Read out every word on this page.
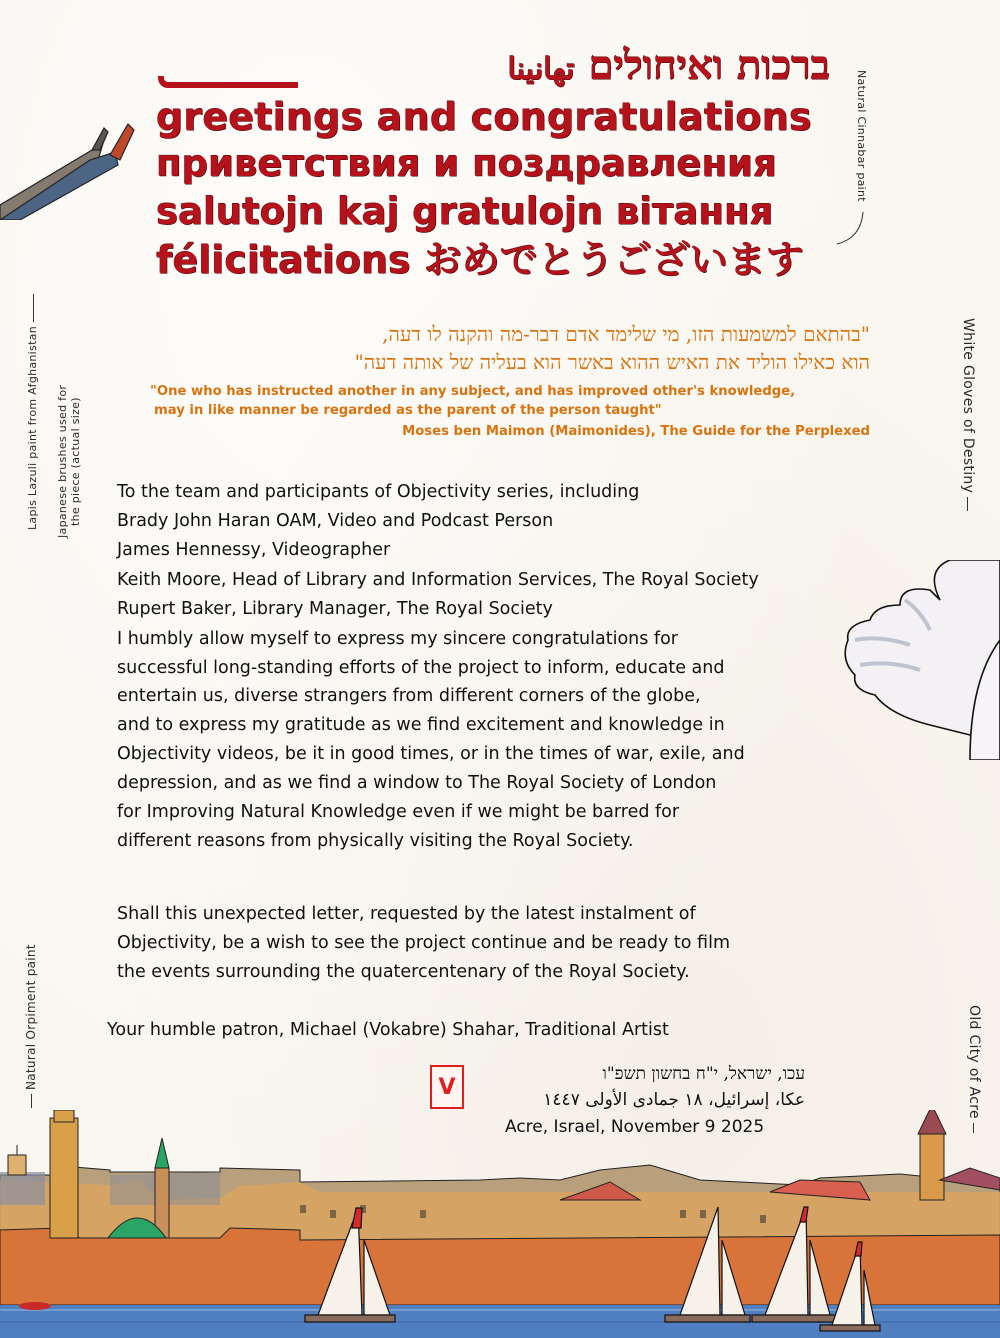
ברכות ואיחולים تهانينا
greetings and congratulations
приветствия и поздравления
salutojn kaj gratulojn вітання
félicitations おめでとうございます
Natural Cinnabar paint
Lapis Lazuli paint from Afghanistan Japanese brushes used for the piece (actual size)	White Gloves of Destiny
Natural Orpiment paint	Old City of Acre
"בהתאם למשמעות הזו, מי שלימד אדם דבר-מה והקנה לו דעה,
הוא כאילו הוליד את האיש ההוא באשר הוא בעליה של אותה דעה"
"One who has instructed another in any subject, and has improved other's knowledge,
may in like manner be regarded as the parent of the person taught"
Moses ben Maimon (Maimonides), The Guide for the Perplexed
To the team and participants of Objectivity series, including
Brady John Haran OAM, Video and Podcast Person
James Hennessy, Videographer
Keith Moore, Head of Library and Information Services, The Royal Society
Rupert Baker, Library Manager, The Royal Society
I humbly allow myself to express my sincere congratulations for
successful long-standing efforts of the project to inform, educate and
entertain us, diverse strangers from different corners of the globe,
and to express my gratitude as we find excitement and knowledge in
Objectivity videos, be it in good times, or in the times of war, exile, and
depression, and as we find a window to The Royal Society of London
for Improving Natural Knowledge even if we might be barred for
different reasons from physically visiting the Royal Society.
Shall this unexpected letter, requested by the latest instalment of
Objectivity, be a wish to see the project continue and be ready to film
the events surrounding the quatercentenary of the Royal Society.
Your humble patron, Michael (Vokabre) Shahar, Traditional Artist
V
עכו, ישראל, י"ח בחשון תשפ"ו
عكا، إسرائيل، ١٨ جمادى الأولى ١٤٤٧
Acre, Israel, November 9 2025
